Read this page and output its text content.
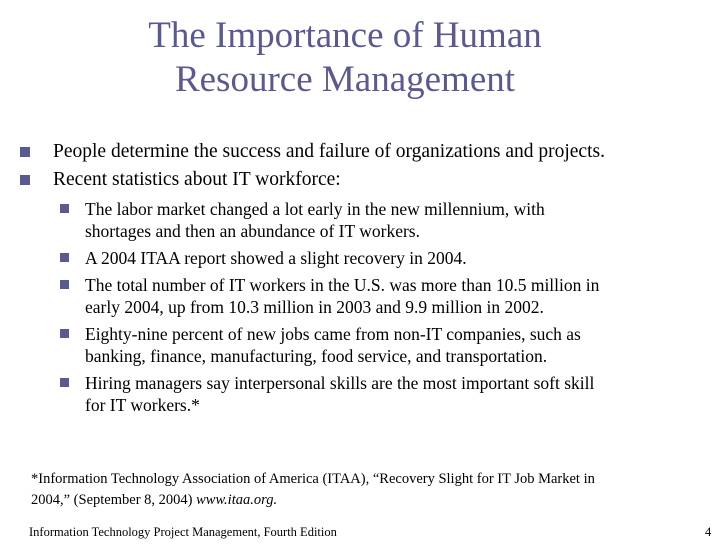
The Importance of Human
Resource Management
People determine the success and failure of organizations and projects.
Recent statistics about IT workforce:
The labor market changed a lot early in the new millennium, with
shortages and then an abundance of IT workers.
A 2004 ITAA report showed a slight recovery in 2004.
The total number of IT workers in the U.S. was more than 10.5 million in
early 2004, up from 10.3 million in 2003 and 9.9 million in 2002.
Eighty-nine percent of new jobs came from non-IT companies, such as
banking, finance, manufacturing, food service, and transportation.
Hiring managers say interpersonal skills are the most important soft skill
for IT workers.*
*Information Technology Association of America (ITAA), “Recovery Slight for IT Job Market in
2004,” (September 8, 2004) www.itaa.org.
Information Technology Project Management, Fourth Edition	4
